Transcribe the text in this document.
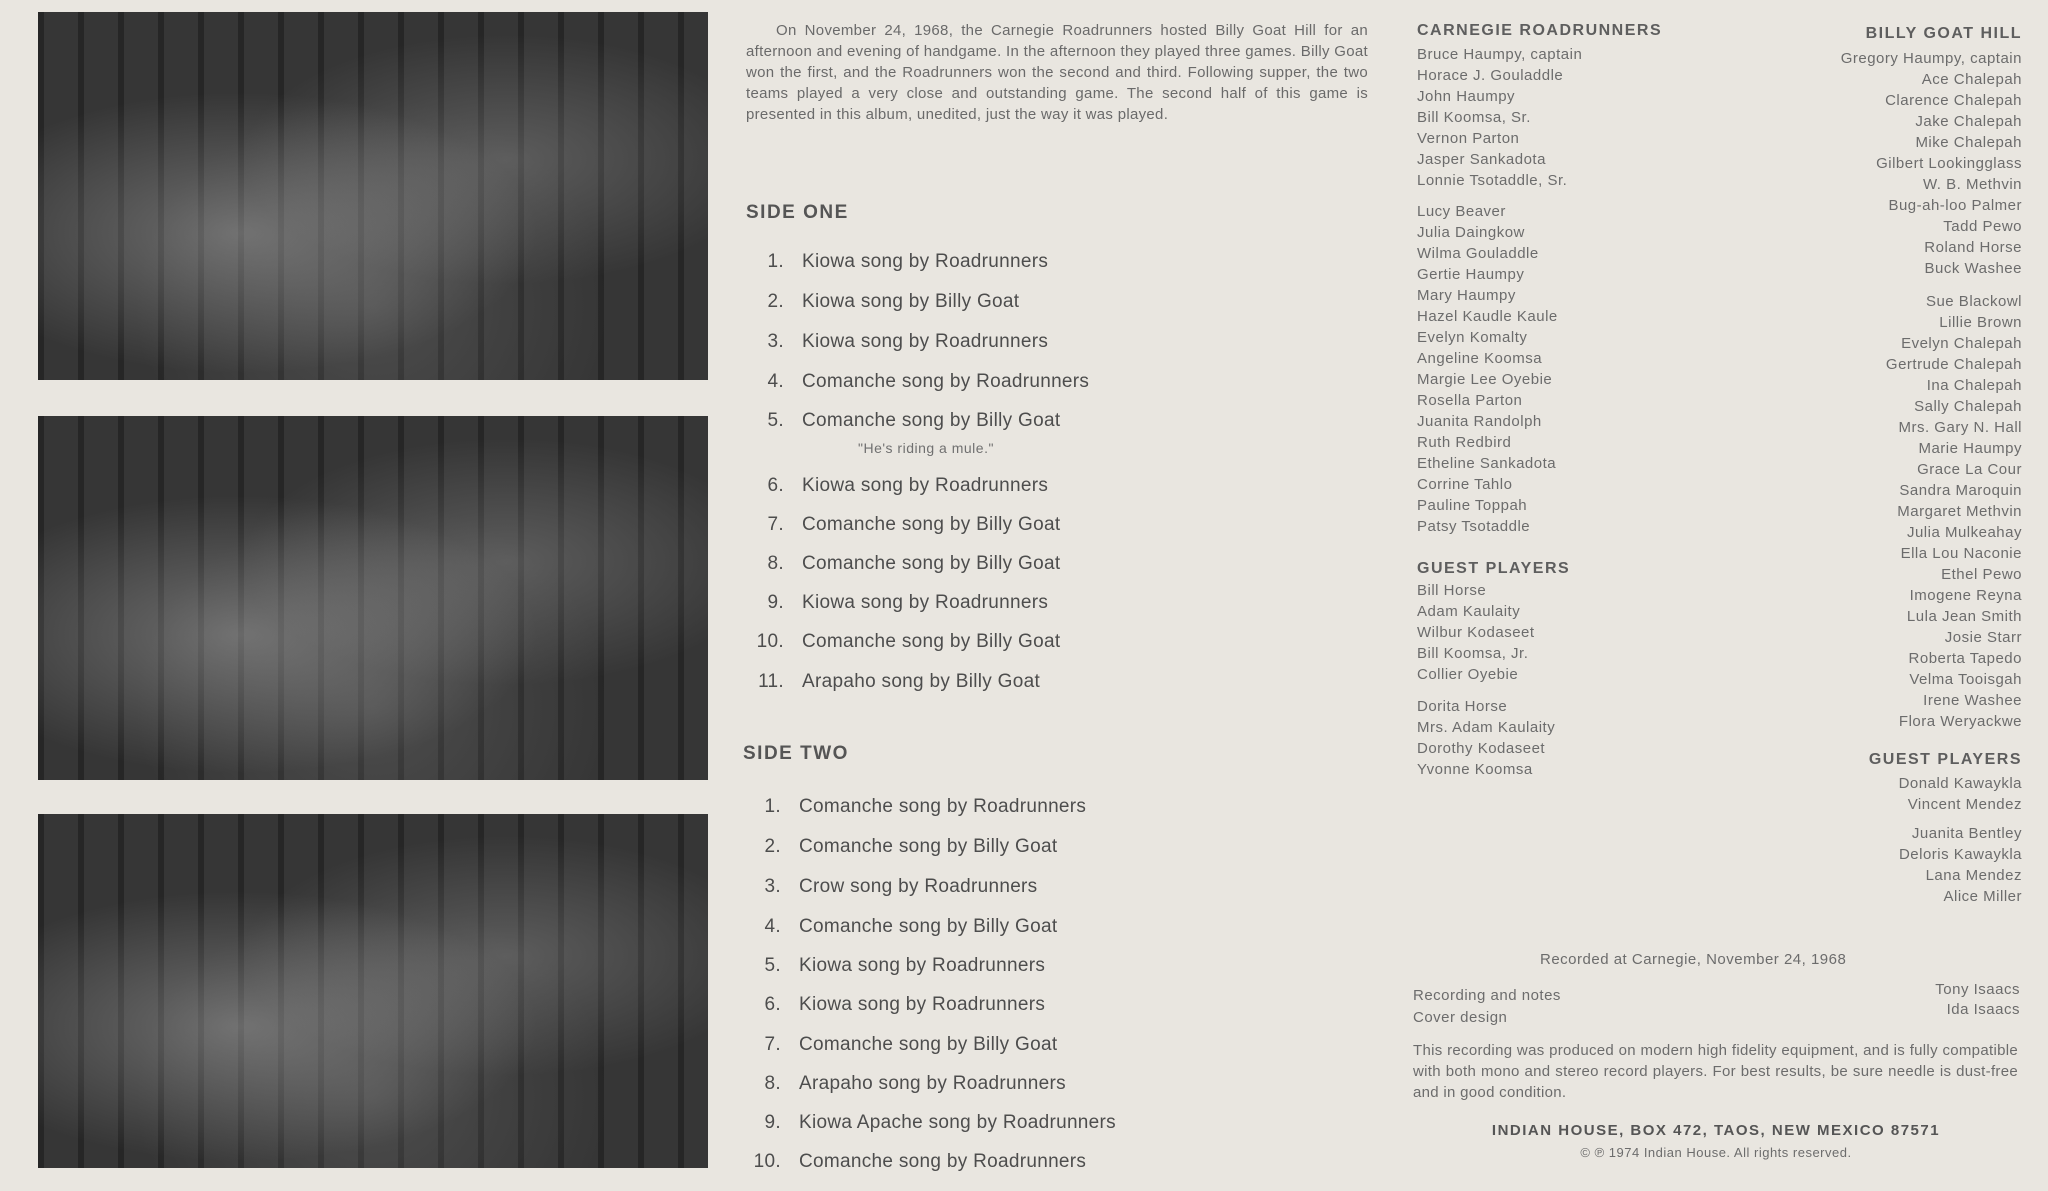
On November 24, 1968, the Carnegie Roadrunners hosted Billy Goat Hill for an afternoon and evening of handgame. In the afternoon they played three games. Billy Goat won the first, and the Roadrunners won the second and third. Following supper, the two teams played a very close and outstanding game. The second half of this game is presented in this album, unedited, just the way it was played.
SIDE ONE
SIDE TWO
1. Kiowa song by Roadrunners
2. Kiowa song by Billy Goat
3. Kiowa song by Roadrunners
4. Comanche song by Roadrunners
5. Comanche song by Billy Goat
"He's riding a mule."
6. Kiowa song by Roadrunners
7. Comanche song by Billy Goat
8. Comanche song by Billy Goat
9. Kiowa song by Roadrunners
10. Comanche song by Billy Goat
11. Arapaho song by Billy Goat
1. Comanche song by Roadrunners
2. Comanche song by Billy Goat
3. Crow song by Roadrunners
4. Comanche song by Billy Goat
5. Kiowa song by Roadrunners
6. Kiowa song by Roadrunners
7. Comanche song by Billy Goat
8. Arapaho song by Roadrunners
9. Kiowa Apache song by Roadrunners
10. Comanche song by Roadrunners
CARNEGIE ROADRUNNERS
Bruce Haumpy, captain
Horace J. Gouladdle
John Haumpy
Bill Koomsa, Sr.
Vernon Parton
Jasper Sankadota
Lonnie Tsotaddle, Sr.
Lucy Beaver
Julia Daingkow
Wilma Gouladdle
Gertie Haumpy
Mary Haumpy
Hazel Kaudle Kaule
Evelyn Komalty
Angeline Koomsa
Margie Lee Oyebie
Rosella Parton
Juanita Randolph
Ruth Redbird
Etheline Sankadota
Corrine Tahlo
Pauline Toppah
Patsy Tsotaddle
GUEST PLAYERS
Bill Horse
Adam Kaulaity
Wilbur Kodaseet
Bill Koomsa, Jr.
Collier Oyebie
Dorita Horse
Mrs. Adam Kaulaity
Dorothy Kodaseet
Yvonne Koomsa
BILLY GOAT HILL
Gregory Haumpy, captain
Ace Chalepah
Clarence Chalepah
Jake Chalepah
Mike Chalepah
Gilbert Lookingglass
W. B. Methvin
Bug-ah-loo Palmer
Tadd Pewo
Roland Horse
Buck Washee
Sue Blackowl
Lillie Brown
Evelyn Chalepah
Gertrude Chalepah
Ina Chalepah
Sally Chalepah
Mrs. Gary N. Hall
Marie Haumpy
Grace La Cour
Sandra Maroquin
Margaret Methvin
Julia Mulkeahay
Ella Lou Naconie
Ethel Pewo
Imogene Reyna
Lula Jean Smith
Josie Starr
Roberta Tapedo
Velma Tooisgah
Irene Washee
Flora Weryackwe
GUEST PLAYERS
Donald Kawaykla
Vincent Mendez
Juanita Bentley
Deloris Kawaykla
Lana Mendez
Alice Miller
Recorded at Carnegie, November 24, 1968
Recording and notes	Tony Isaacs
Cover design	Ida Isaacs
This recording was produced on modern high fidelity equipment, and is fully compatible with both mono and stereo record players. For best results, be sure needle is dust-free and in good condition.
INDIAN HOUSE, BOX 472, TAOS, NEW MEXICO 87571
© ℗ 1974 Indian House. All rights reserved.
